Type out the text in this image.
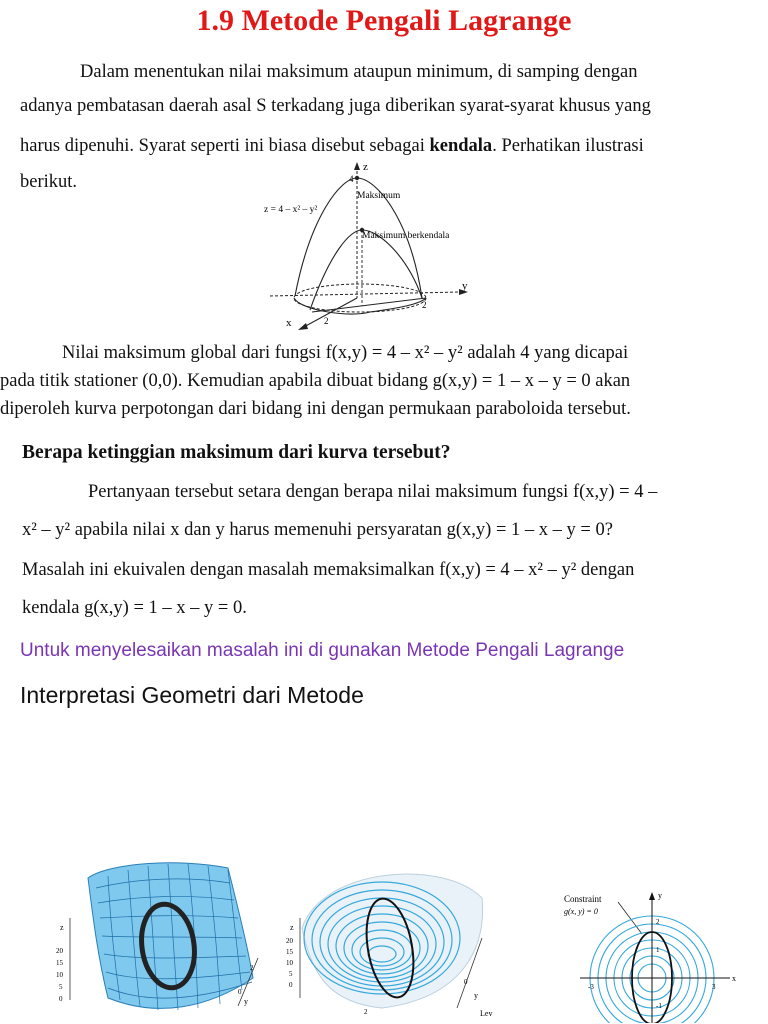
1.9 Metode Pengali Lagrange
Dalam menentukan nilai maksimum ataupun minimum, di samping dengan
adanya pembatasan daerah asal S terkadang juga diberikan syarat-syarat khusus yang
harus dipenuhi. Syarat seperti ini biasa disebut sebagai kendala. Perhatikan ilustrasi
berikut.
z
4
y
2
x	2
z = 4 – x² – y²
Maksimum
Maksimum berkendala
Nilai maksimum global dari fungsi f(x,y) = 4 – x² – y² adalah 4 yang dicapai
pada titik stationer (0,0). Kemudian apabila dibuat bidang g(x,y) = 1 – x – y = 0 akan
diperoleh kurva perpotongan dari bidang ini dengan permukaan paraboloida tersebut.
Berapa ketinggian maksimum dari kurva tersebut?
Pertanyaan tersebut setara dengan berapa nilai maksimum fungsi f(x,y) = 4 –
x² – y² apabila nilai x dan y harus memenuhi persyaratan g(x,y) = 1 – x – y = 0?
Masalah ini ekuivalen dengan masalah memaksimalkan f(x,y) = 4 – x² – y² dengan
kendala g(x,y) = 1 – x – y = 0.
Untuk menyelesaikan masalah ini di gunakan Metode Pengali Lagrange
Interpretasi Geometri dari Metode
z
20
15
10
5
0	y
2
0
z
20
15
10
5
0
y
0
2	Lev
Constraint
g(x, y) = 0
y
x
2
1
-1
-3	3
